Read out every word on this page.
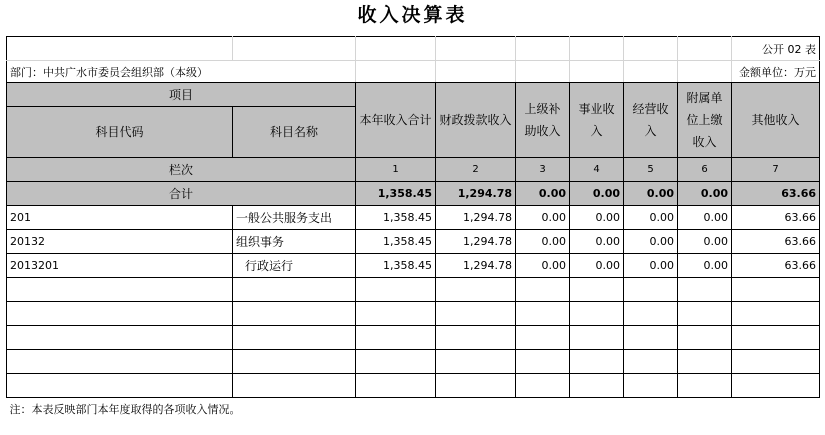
收入决算表
								公开 02 表
部门：中共广水市委员会组织部（本级）								金额单位：万元
项目		本年收入合计	财政拨款收入	上级补助收入	事业收入	经营收入	附属单位上缴收入	其他收入
科目代码	科目名称							
栏次		1	2	3	4	5	6	7
合计		1,358.45	1,294.78	0.00	0.00	0.00	0.00	63.66
201	一般公共服务支出	1,358.45	1,294.78	0.00	0.00	0.00	0.00	63.66
20132	组织事务	1,358.45	1,294.78	0.00	0.00	0.00	0.00	63.66
2013201	行政运行	1,358.45	1,294.78	0.00	0.00	0.00	0.00	63.66

注：本表反映部门本年度取得的各项收入情况。								
